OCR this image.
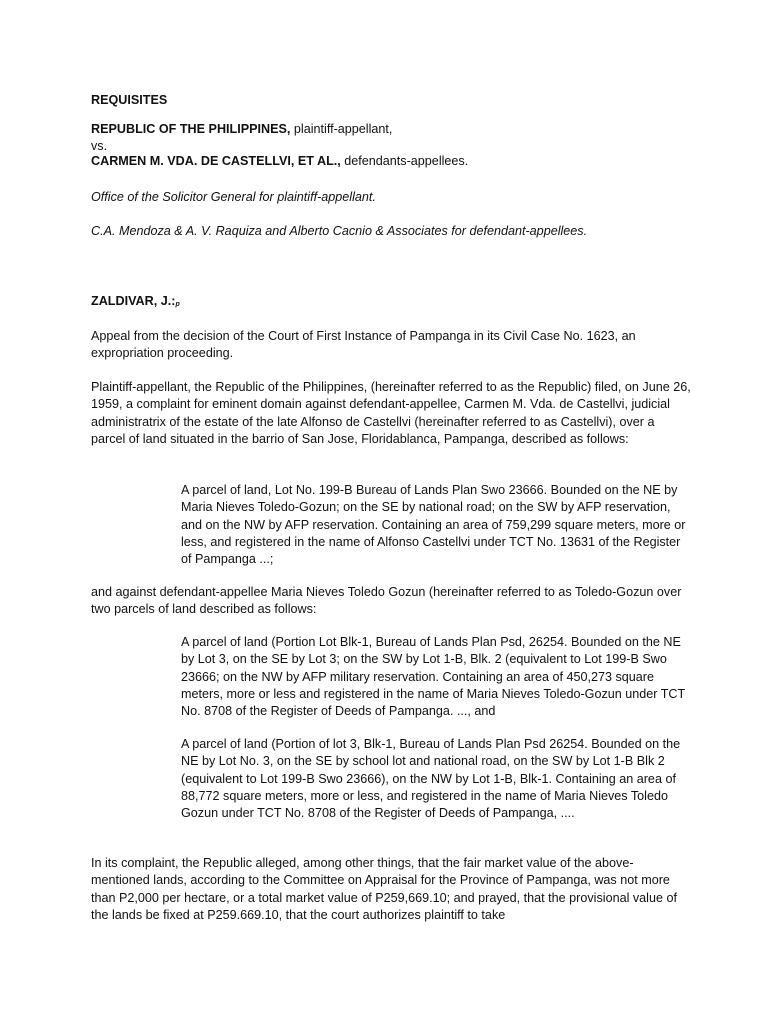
REQUISITES

REPUBLIC OF THE PHILIPPINES, plaintiff-appellant,

vs.

CARMEN M. VDA. DE CASTELLVI, ET AL., defendants-appellees.

Office of the Solicitor General for plaintiff-appellant.

C.A. Mendoza & A. V. Raquiza and Alberto Cacnio & Associates for defendant-appellees.

ZALDIVAR, J.:p

Appeal from the decision of the Court of First Instance of Pampanga in its Civil Case No. 1623, an expropriation proceeding.

Plaintiff-appellant, the Republic of the Philippines, (hereinafter referred to as the Republic) filed, on June 26, 1959, a complaint for eminent domain against defendant-appellee, Carmen M. Vda. de Castellvi, judicial administratrix of the estate of the late Alfonso de Castellvi (hereinafter referred to as Castellvi), over a parcel of land situated in the barrio of San Jose, Floridablanca, Pampanga, described as follows:

A parcel of land, Lot No. 199-B Bureau of Lands Plan Swo 23666. Bounded on the NE by Maria Nieves Toledo-Gozun; on the SE by national road; on the SW by AFP reservation, and on the NW by AFP reservation. Containing an area of 759,299 square meters, more or less, and registered in the name of Alfonso Castellvi under TCT No. 13631 of the Register of Pampanga ...;

and against defendant-appellee Maria Nieves Toledo Gozun (hereinafter referred to as Toledo-Gozun over two parcels of land described as follows:

A parcel of land (Portion Lot Blk-1, Bureau of Lands Plan Psd, 26254. Bounded on the NE by Lot 3, on the SE by Lot 3; on the SW by Lot 1-B, Blk. 2 (equivalent to Lot 199-B Swo 23666; on the NW by AFP military reservation. Containing an area of 450,273 square meters, more or less and registered in the name of Maria Nieves Toledo-Gozun under TCT No. 8708 of the Register of Deeds of Pampanga. ..., and

A parcel of land (Portion of lot 3, Blk-1, Bureau of Lands Plan Psd 26254. Bounded on the NE by Lot No. 3, on the SE by school lot and national road, on the SW by Lot 1-B Blk 2 (equivalent to Lot 199-B Swo 23666), on the NW by Lot 1-B, Blk-1. Containing an area of 88,772 square meters, more or less, and registered in the name of Maria Nieves Toledo Gozun under TCT No. 8708 of the Register of Deeds of Pampanga, ....

In its complaint, the Republic alleged, among other things, that the fair market value of the above-mentioned lands, according to the Committee on Appraisal for the Province of Pampanga, was not more than P2,000 per hectare, or a total market value of P259,669.10; and prayed, that the provisional value of the lands be fixed at P259.669.10, that the court authorizes plaintiff to take
